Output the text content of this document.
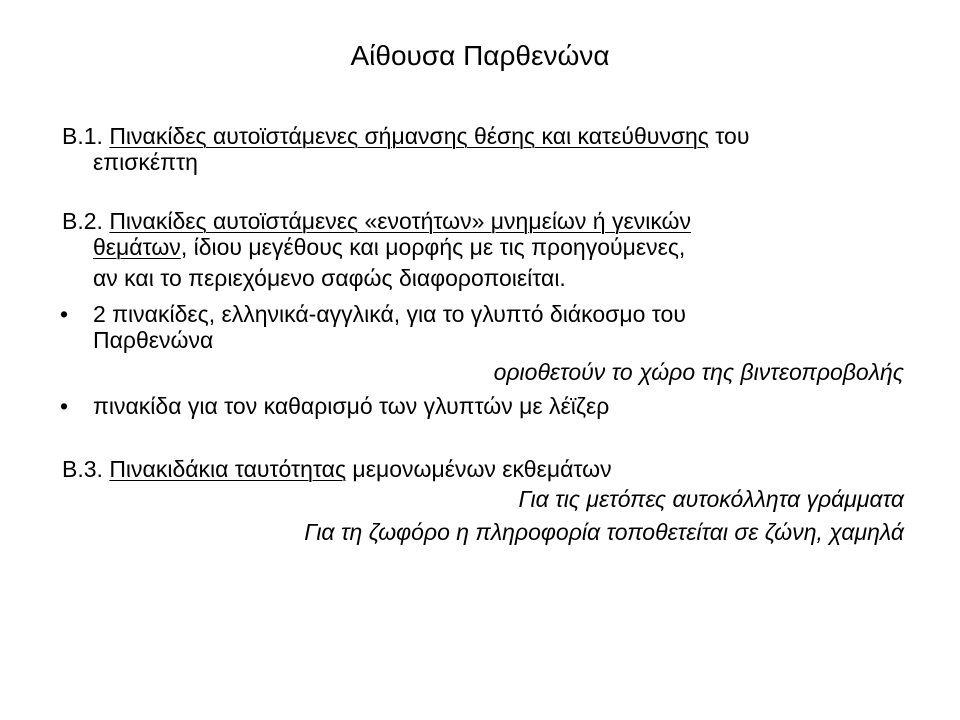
Αίθουσα Παρθενώνα
Β.1. Πινακίδες αυτοϊστάμενες σήμανσης θέσης και κατεύθυνσης του
επισκέπτη
Β.2. Πινακίδες αυτοϊστάμενες «ενοτήτων» μνημείων ή γενικών
θεμάτων, ίδιου μεγέθους και μορφής με τις προηγούμενες,
αν και το περιεχόμενο σαφώς διαφοροποιείται.
• 2 πινακίδες, ελληνικά-αγγλικά, για το γλυπτό διάκοσμο του
Παρθενώνα
οριοθετούν το χώρο της βιντεοπροβολής
• πινακίδα για τον καθαρισμό των γλυπτών με λέϊζερ
Β.3. Πινακιδάκια ταυτότητας μεμονωμένων εκθεμάτων
Για τις μετόπες αυτοκόλλητα γράμματα
Για τη ζωφόρο η πληροφορία τοποθετείται σε ζώνη, χαμηλά
